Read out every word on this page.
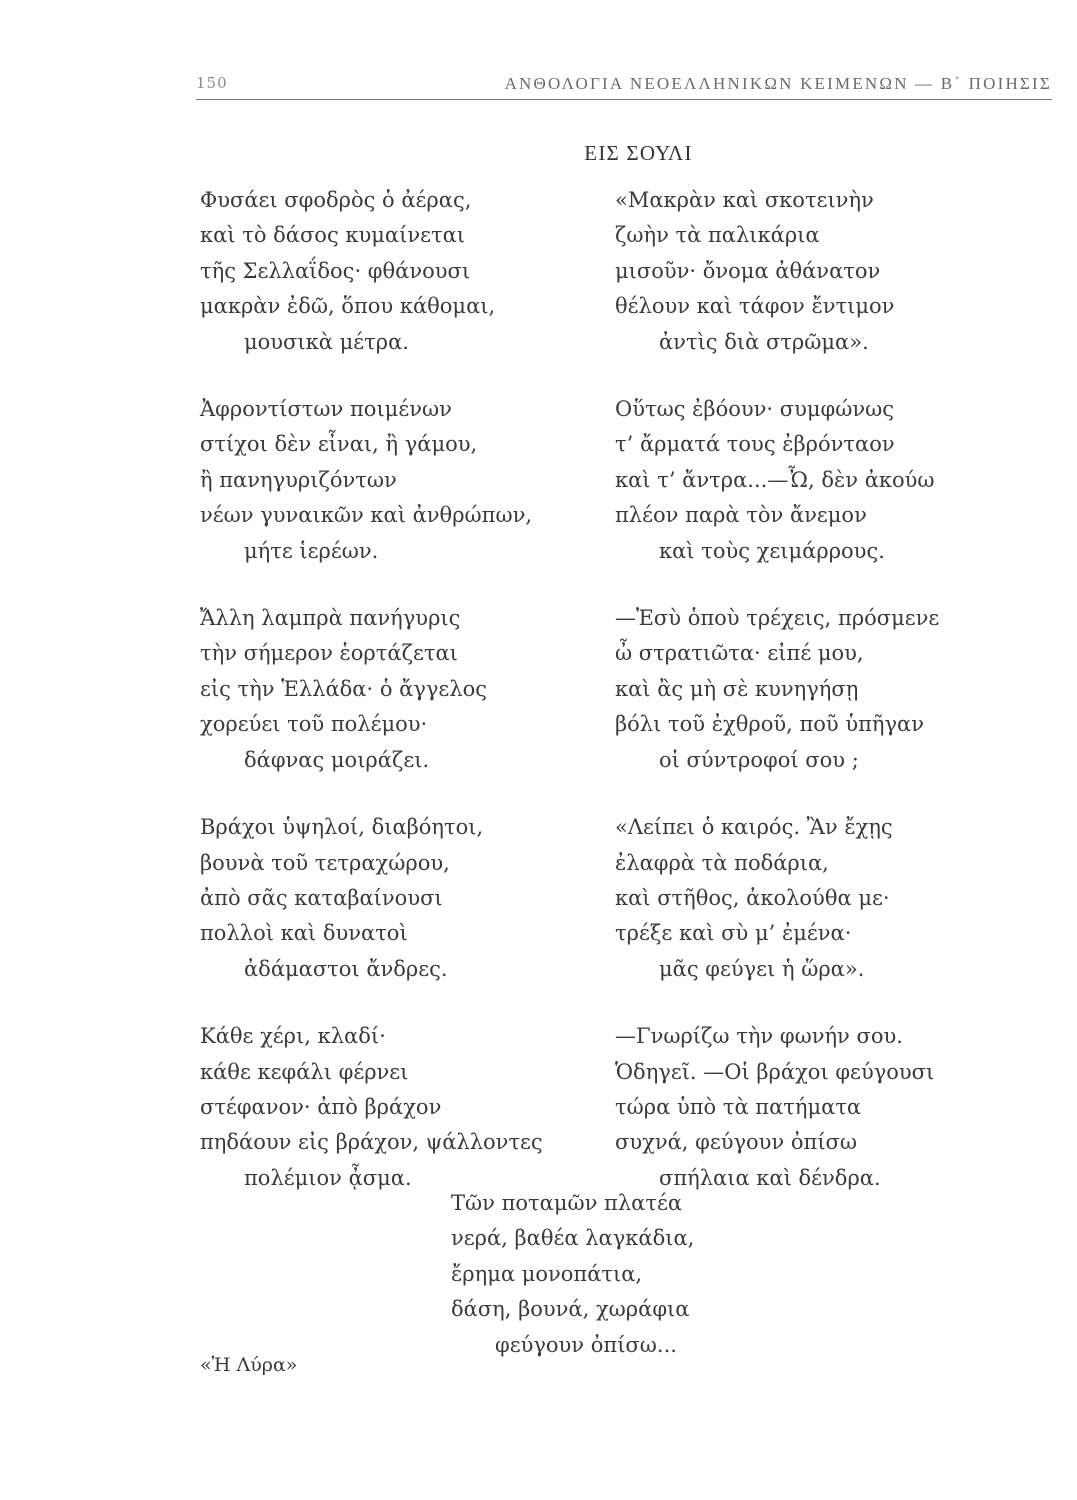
150	ΑΝΘΟΛΟΓΙΑ ΝΕΟΕΛΛΗΝΙΚΩΝ ΚΕΙΜΕΝΩΝ — Β΄ ΠΟΙΗΣΙΣ
ΕΙΣ ΣΟΥΛΙ
Φυσάει σφοδρὸς ὁ ἀέρας,
καὶ τὸ δάσος κυμαίνεται
τῆς Σελλαΐδος· φθάνουσι
μακρὰν ἐδῶ, ὅπου κάθομαι,
μουσικὰ μέτρα.
Ἀφροντίστων ποιμένων
στίχοι δὲν εἶναι, ἢ γάμου,
ἢ πανηγυριζόντων
νέων γυναικῶν καὶ ἀνθρώπων,
μήτε ἱερέων.
Ἄλλη λαμπρὰ πανήγυρις
τὴν σήμερον ἑορτάζεται
εἰς τὴν Ἑλλάδα· ὁ ἄγγελος
χορεύει τοῦ πολέμου·
δάφνας μοιράζει.
Βράχοι ὑψηλοί, διαβόητοι,
βουνὰ τοῦ τετραχώρου,
ἀπὸ σᾶς καταβαίνουσι
πολλοὶ καὶ δυνατοὶ
ἀδάμαστοι ἄνδρες.
Κάθε χέρι, κλαδί·
κάθε κεφάλι φέρνει
στέφανον· ἀπὸ βράχον
πηδάουν εἰς βράχον, ψάλλοντες
πολέμιον ᾆσμα.
«Μακρὰν καὶ σκοτεινὴν
ζωὴν τὰ παλικάρια
μισοῦν· ὄνομα ἀθάνατον
θέλουν καὶ τάφον ἔντιμον
ἀντὶς διὰ στρῶμα».
Οὕτως ἐβόουν· συμφώνως
τ’ ἄρματά τους ἐβρόνταον
καὶ τ’ ἄντρα...—Ὦ, δὲν ἀκούω
πλέον παρὰ τὸν ἄνεμον
καὶ τοὺς χειμάρρους.
—Ἐσὺ ὁποὺ τρέχεις, πρόσμενε
ὦ στρατιῶτα· εἰπέ μου,
καὶ ἂς μὴ σὲ κυνηγήσῃ
βόλι τοῦ ἐχθροῦ, ποῦ ὑπῆγαν
οἱ σύντροφοί σου ;
«Λείπει ὁ καιρός. Ἂν ἔχῃς
ἐλαφρὰ τὰ ποδάρια,
καὶ στῆθος, ἀκολούθα με·
τρέξε καὶ σὺ μ’ ἐμένα·
μᾶς φεύγει ἡ ὥρα».
—Γνωρίζω τὴν φωνήν σου.
Ὁδηγεῖ. —Οἱ βράχοι φεύγουσι
τώρα ὑπὸ τὰ πατήματα
συχνά, φεύγουν ὀπίσω
σπήλαια καὶ δένδρα.
Τῶν ποταμῶν πλατέα
νερά, βαθέα λαγκάδια,
ἔρημα μονοπάτια,
δάση, βουνά, χωράφια
φεύγουν ὀπίσω...
«Ἡ Λύρα»
